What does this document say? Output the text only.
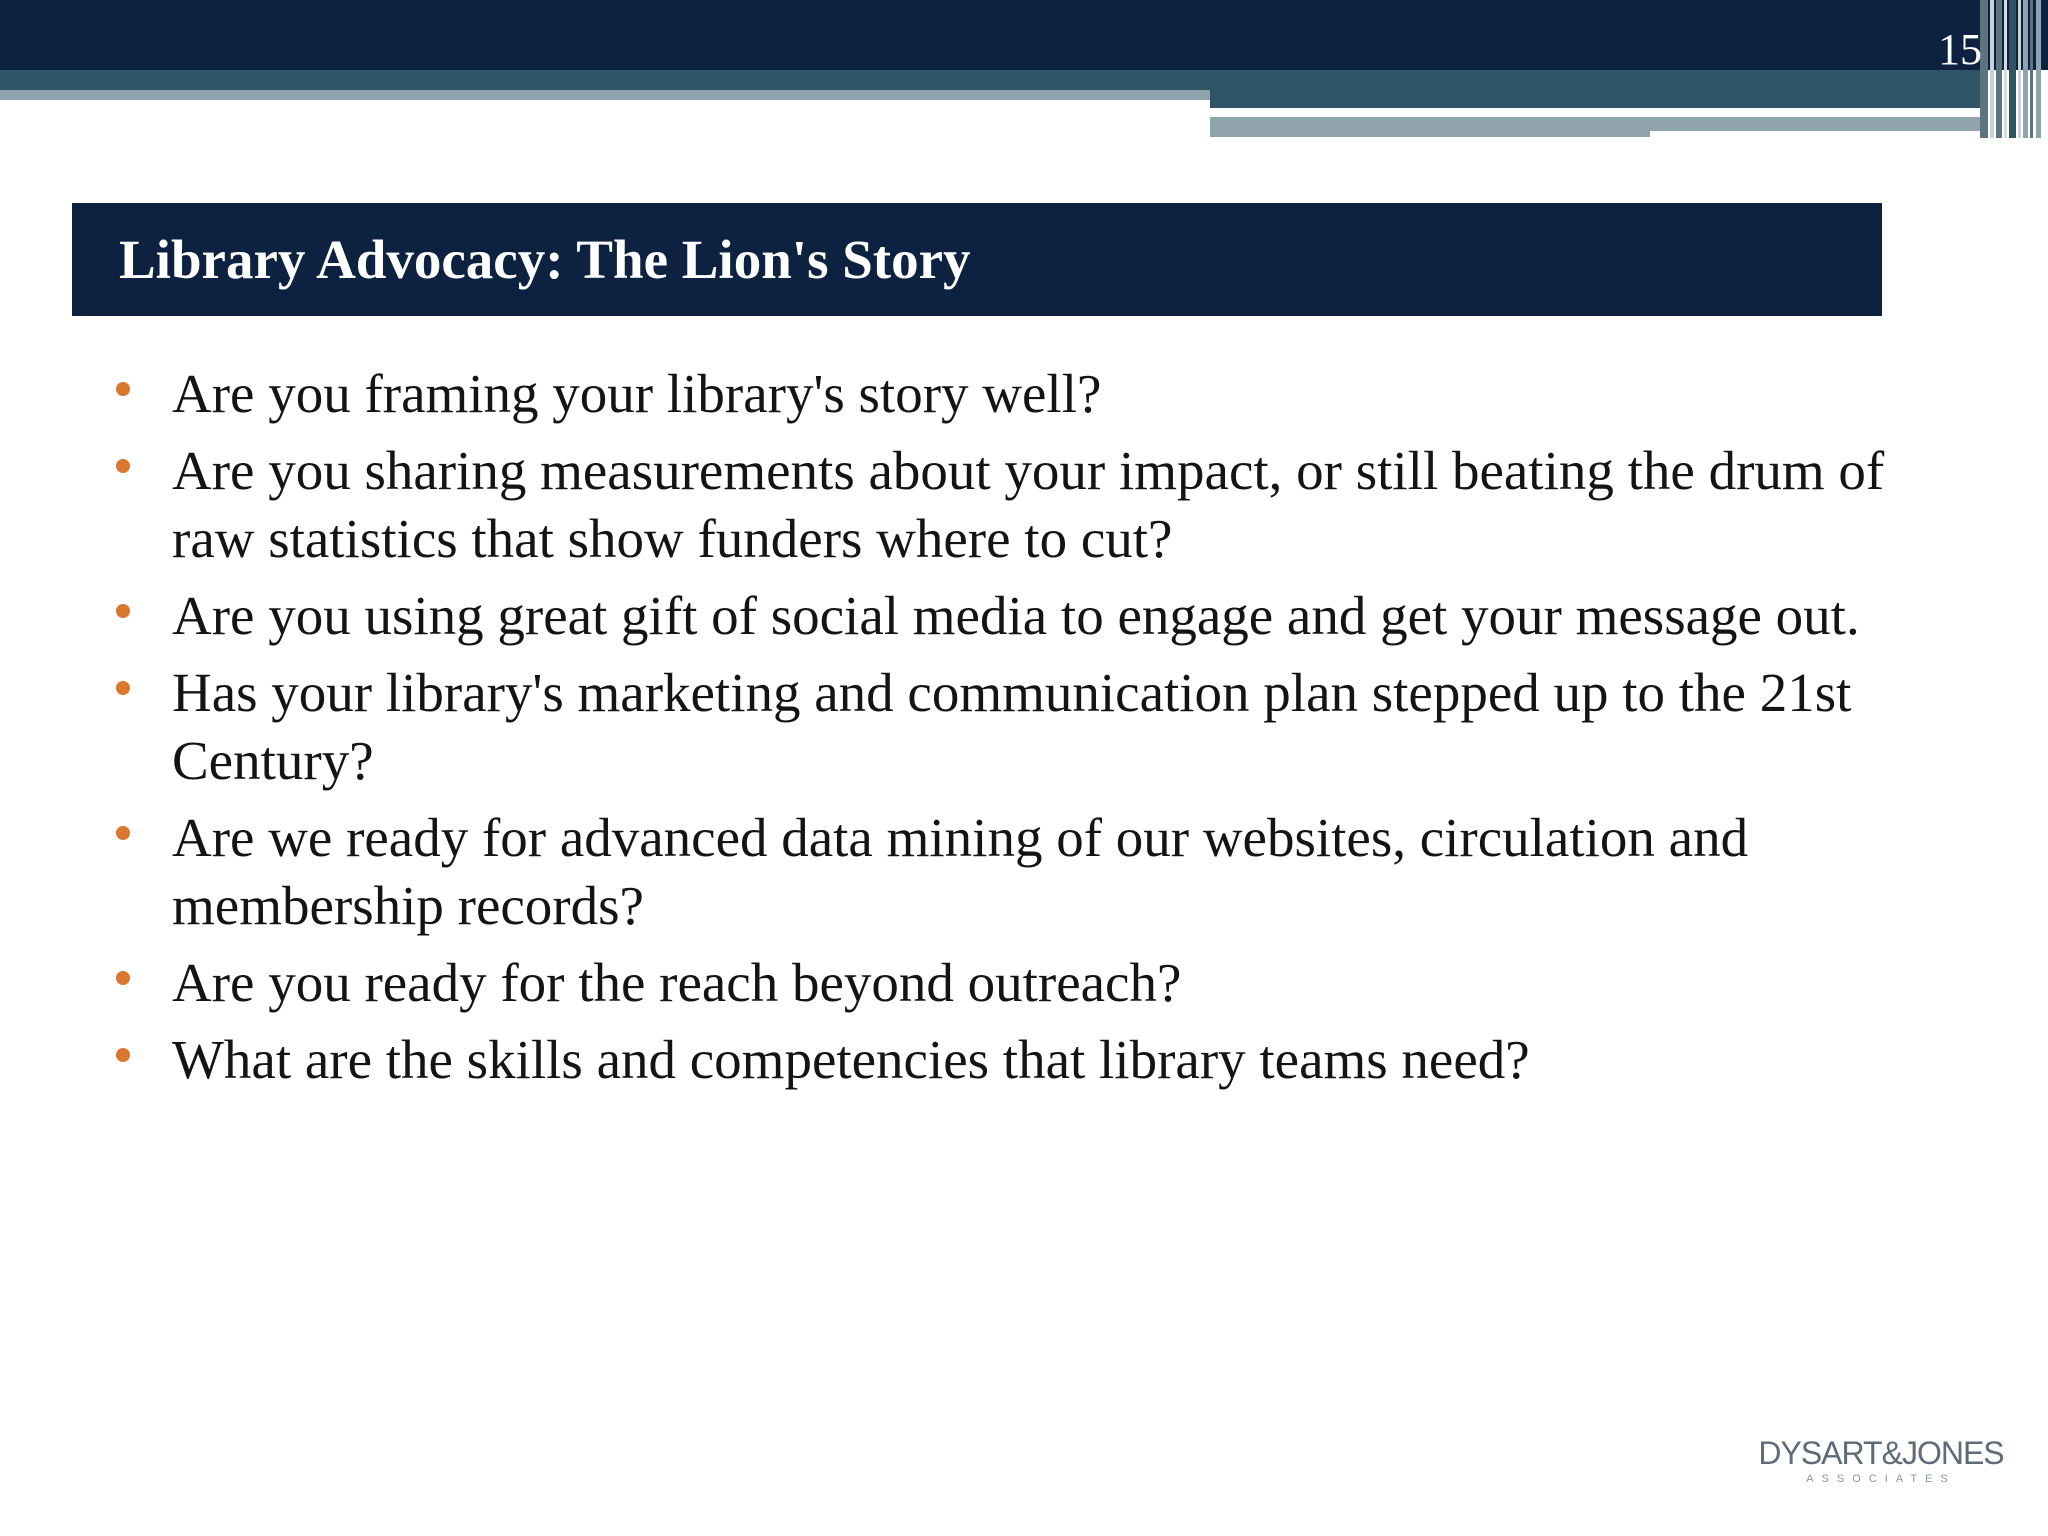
15
Library Advocacy: The Lion's Story
Are you framing your library's story well?
Are you sharing measurements about your impact, or still beating the drum of raw statistics that show funders where to cut?
Are you using great gift of social media to engage and get your message out.
Has your library's marketing and communication plan stepped up to the 21st Century?
Are we ready for advanced data mining of our websites, circulation and membership records?
Are you ready for the reach beyond outreach?
What are the skills and competencies that library teams need?
DYSART&JONES
ASSOCIATES
